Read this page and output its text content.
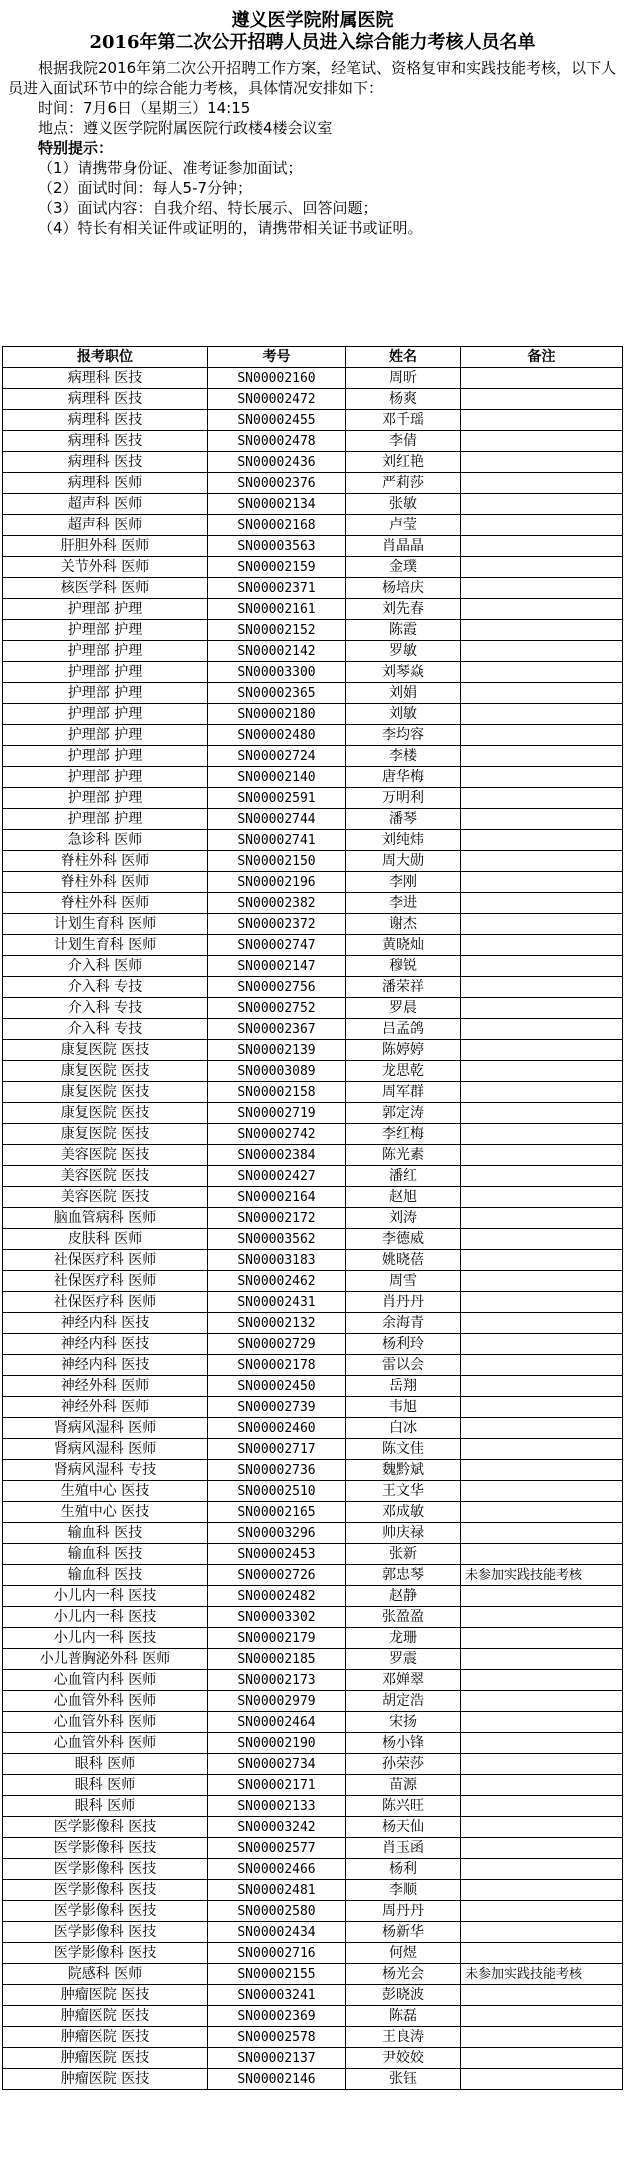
遵义医学院附属医院
2016年第二次公开招聘人员进入综合能力考核人员名单

根据我院2016年第二次公开招聘工作方案，经笔试、资格复审和实践技能考核，以下人员进入面试环节中的综合能力考核，具体情况安排如下：

时间：7月6日（星期三）14:15

地点：遵义医学院附属医院行政楼4楼会议室

特别提示：

（1）请携带身份证、准考证参加面试；

（2）面试时间：每人5-7分钟；

（3）面试内容：自我介绍、特长展示、回答问题；

（4）特长有相关证件或证明的，请携带相关证书或证明。

报考职位	考号	姓名	备注
病理科 医技	SN00002160	周昕	
病理科 医技	SN00002472	杨爽	
病理科 医技	SN00002455	邓千瑶	
病理科 医技	SN00002478	李倩	
病理科 医技	SN00002436	刘红艳	
病理科 医师	SN00002376	严莉莎	
超声科 医师	SN00002134	张敏	
超声科 医师	SN00002168	卢莹	
肝胆外科 医师	SN00003563	肖晶晶	
关节外科 医师	SN00002159	金璞	
核医学科 医师	SN00002371	杨培庆	
护理部 护理	SN00002161	刘先春	
护理部 护理	SN00002152	陈霞	
护理部 护理	SN00002142	罗敏	
护理部 护理	SN00003300	刘琴焱	
护理部 护理	SN00002365	刘娟	
护理部 护理	SN00002180	刘敏	
护理部 护理	SN00002480	李均容	
护理部 护理	SN00002724	李楼	
护理部 护理	SN00002140	唐华梅	
护理部 护理	SN00002591	万明利	
护理部 护理	SN00002744	潘琴	
急诊科 医师	SN00002741	刘纯炜	
脊柱外科 医师	SN00002150	周大勋	
脊柱外科 医师	SN00002196	李刚	
脊柱外科 医师	SN00002382	李进	
计划生育科 医师	SN00002372	谢杰	
计划生育科 医师	SN00002747	黄晓灿	
介入科 医师	SN00002147	穆锐	
介入科 专技	SN00002756	潘荣祥	
介入科 专技	SN00002752	罗晨	
介入科 专技	SN00002367	吕孟鸽	
康复医院 医技	SN00002139	陈婷婷	
康复医院 医技	SN00003089	龙思乾	
康复医院 医技	SN00002158	周军群	
康复医院 医技	SN00002719	郭定涛	
康复医院 医技	SN00002742	李红梅	
美容医院 医技	SN00002384	陈光素	
美容医院 医技	SN00002427	潘红	
美容医院 医技	SN00002164	赵旭	
脑血管病科 医师	SN00002172	刘涛	
皮肤科 医师	SN00003562	李德威	
社保医疗科 医师	SN00003183	姚晓蓓	
社保医疗科 医师	SN00002462	周雪	
社保医疗科 医师	SN00002431	肖丹丹	
神经内科 医技	SN00002132	余海青	
神经内科 医技	SN00002729	杨利玲	
神经内科 医技	SN00002178	雷以会	
神经外科 医师	SN00002450	岳翔	
神经外科 医师	SN00002739	韦旭	
肾病风湿科 医师	SN00002460	白冰	
肾病风湿科 医师	SN00002717	陈文佳	
肾病风湿科 专技	SN00002736	魏黔斌	
生殖中心 医技	SN00002510	王文华	
生殖中心 医技	SN00002165	邓成敏	
输血科 医技	SN00003296	帅庆禄	
输血科 医技	SN00002453	张新	
输血科 医技	SN00002726	郭忠琴	未参加实践技能考核
小儿内一科 医技	SN00002482	赵静	
小儿内一科 医技	SN00003302	张盈盈	
小儿内一科 医技	SN00002179	龙珊	
小儿普胸泌外科 医师	SN00002185	罗震	
心血管内科 医师	SN00002173	邓婵翠	
心血管外科 医师	SN00002979	胡定浩	
心血管外科 医师	SN00002464	宋扬	
心血管外科 医师	SN00002190	杨小锋	
眼科 医师	SN00002734	孙荣莎	
眼科 医师	SN00002171	苗源	
眼科 医师	SN00002133	陈兴旺	
医学影像科 医技	SN00003242	杨天仙	
医学影像科 医技	SN00002577	肖玉函	
医学影像科 医技	SN00002466	杨利	
医学影像科 医技	SN00002481	李顺	
医学影像科 医技	SN00002580	周丹丹	
医学影像科 医技	SN00002434	杨新华	
医学影像科 医技	SN00002716	何煜	
院感科 医师	SN00002155	杨光会	未参加实践技能考核
肿瘤医院 医技	SN00003241	彭晓波	
肿瘤医院 医技	SN00002369	陈磊	
肿瘤医院 医技	SN00002578	王良涛	
肿瘤医院 医技	SN00002137	尹姣姣	
肿瘤医院 医技	SN00002146	张钰	
